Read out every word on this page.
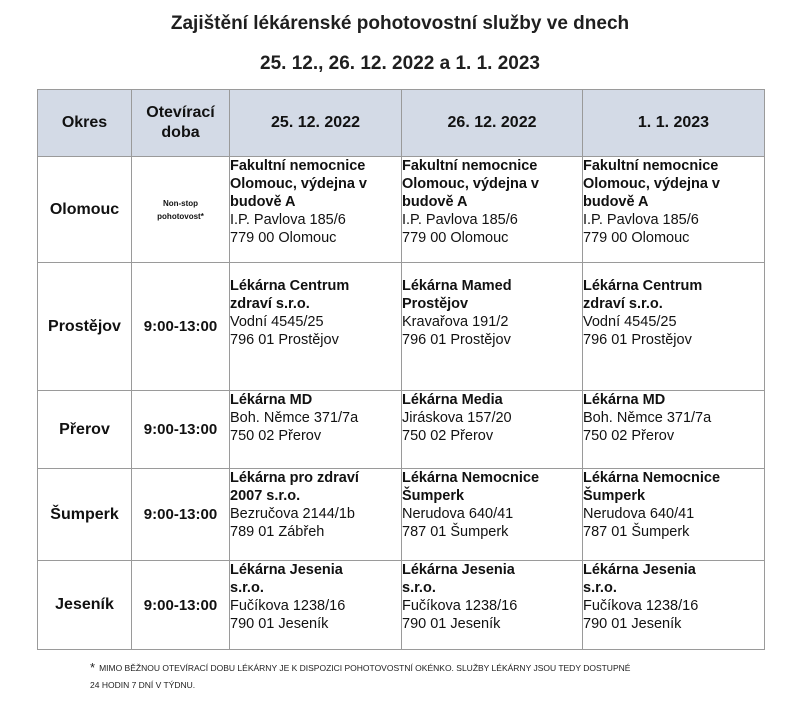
Zajištění lékárenské pohotovostní služby ve dnech
25. 12., 26. 12. 2022 a 1. 1. 2023
Okres	Otevírací
doba	25. 12. 2022	26. 12. 2022	1. 1. 2023
Olomouc	Non-stop
pohotovost*	Fakultní nemocnice
Olomouc, výdejna v
budově A
I.P. Pavlova 185/6
779 00 Olomouc	Fakultní nemocnice
Olomouc, výdejna v
budově A
I.P. Pavlova 185/6
779 00 Olomouc	Fakultní nemocnice
Olomouc, výdejna v
budově A
I.P. Pavlova 185/6
779 00 Olomouc

Prostějov	9:00-13:00	Lékárna Centrum
zdraví s.r.o.
Vodní 4545/25
796 01 Prostějov	Lékárna Mamed
Prostějov
Kravařova 191/2
796 01 Prostějov	Lékárna Centrum
zdraví s.r.o.
Vodní 4545/25
796 01 Prostějov

Přerov	9:00-13:00	Lékárna MD
Boh. Němce 371/7a
750 02 Přerov	Lékárna Media
Jiráskova 157/20
750 02 Přerov	Lékárna MD
Boh. Němce 371/7a
750 02 Přerov

Šumperk	9:00-13:00	Lékárna pro zdraví
2007 s.r.o.
Bezručova 2144/1b
789 01 Zábřeh	Lékárna Nemocnice
Šumperk
Nerudova 640/41
787 01 Šumperk	Lékárna Nemocnice
Šumperk
Nerudova 640/41
787 01 Šumperk

Jeseník	9:00-13:00	Lékárna Jesenia
s.r.o.
Fučíkova 1238/16
790 01 Jeseník	Lékárna Jesenia
s.r.o.
Fučíkova 1238/16
790 01 Jeseník	Lékárna Jesenia
s.r.o.
Fučíkova 1238/16
790 01 Jeseník
* MIMO BĚŽNOU OTEVÍRACÍ DOBU LÉKÁRNY JE K DISPOZICI POHOTOVOSTNÍ OKÉNKO. SLUŽBY LÉKÁRNY JSOU TEDY DOSTUPNÉ
24 HODIN 7 DNÍ V TÝDNU.
